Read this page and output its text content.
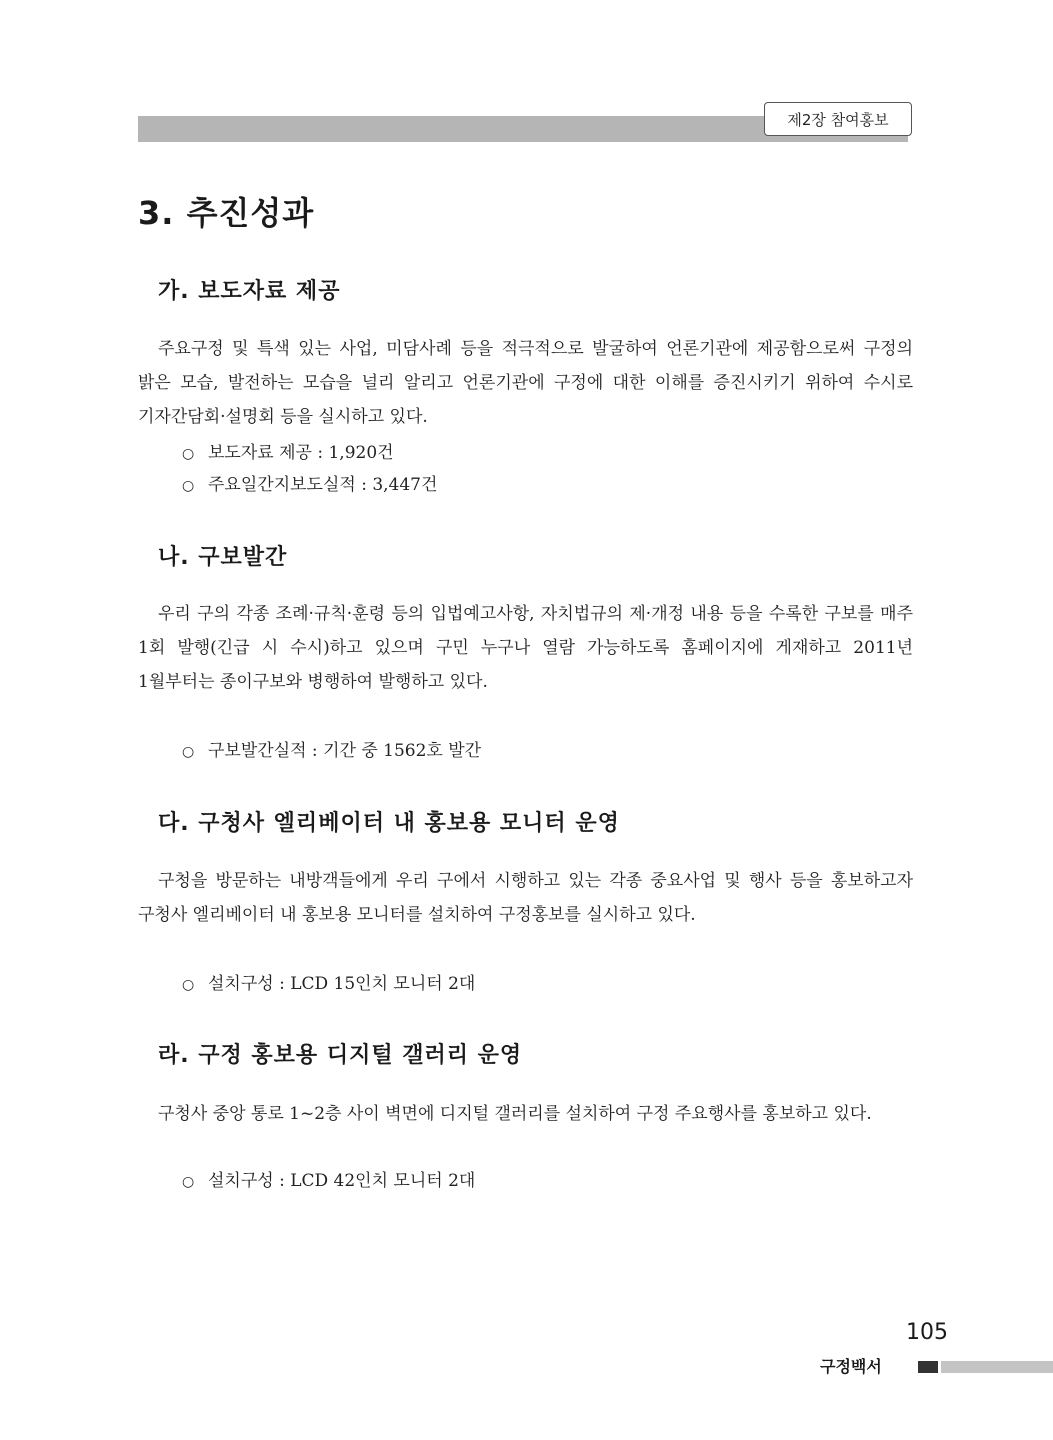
제2장 참여홍보
3. 추진성과
가. 보도자료 제공

주요구정 및 특색 있는 사업, 미담사례 등을 적극적으로 발굴하여 언론기관에 제공함으로써 구정의 밝은 모습, 발전하는 모습을 널리 알리고 언론기관에 구정에 대한 이해를 증진시키기 위하여 수시로 기자간담회·설명회 등을 실시하고 있다.

○ 보도자료 제공 : 1,920건

○ 주요일간지보도실적 : 3,447건

나. 구보발간

우리 구의 각종 조례·규칙·훈령 등의 입법예고사항, 자치법규의 제·개정 내용 등을 수록한 구보를 매주 1회 발행(긴급 시 수시)하고 있으며 구민 누구나 열람 가능하도록 홈페이지에 게재하고 2011년 1월부터는 종이구보와 병행하여 발행하고 있다.

○ 구보발간실적 : 기간 중 1562호 발간

다. 구청사 엘리베이터 내 홍보용 모니터 운영

구청을 방문하는 내방객들에게 우리 구에서 시행하고 있는 각종 중요사업 및 행사 등을 홍보하고자 구청사 엘리베이터 내 홍보용 모니터를 설치하여 구정홍보를 실시하고 있다.

○ 설치구성 : LCD 15인치 모니터 2대

라. 구정 홍보용 디지털 갤러리 운영

구청사 중앙 통로 1~2층 사이 벽면에 디지털 갤러리를 설치하여 구정 주요행사를 홍보하고 있다.

○ 설치구성 : LCD 42인치 모니터 2대

105
구정백서
